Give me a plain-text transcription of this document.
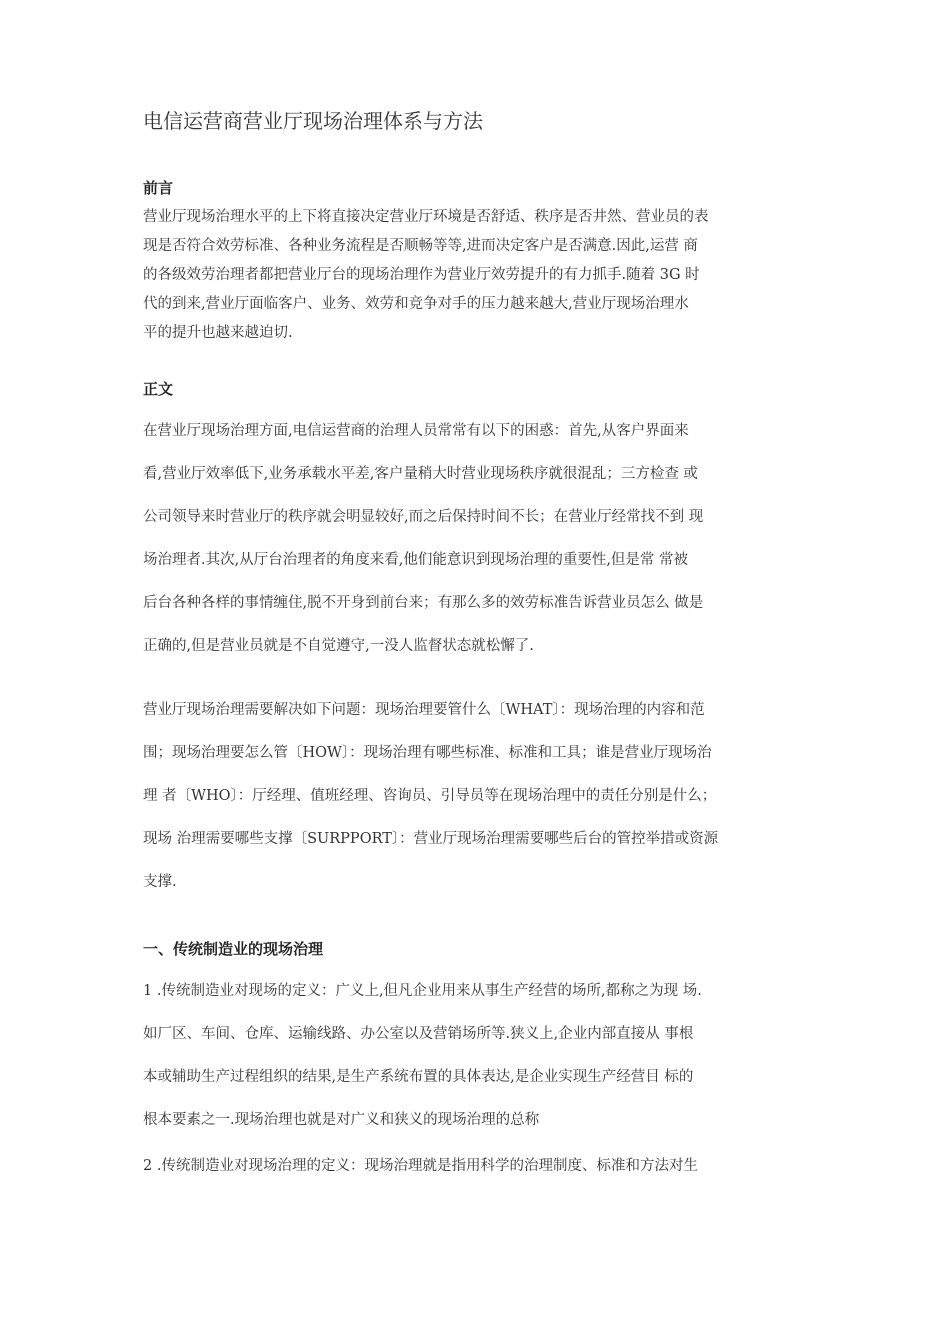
电信运营商营业厅现场治理体系与方法
前言
营业厅现场治理水平的上下将直接决定营业厅环境是否舒适、秩序是否井然、营业员的表
现是否符合效劳标准、各种业务流程是否顺畅等等,进而决定客户是否满意.因此,运营 商
的各级效劳治理者都把营业厅台的现场治理作为营业厅效劳提升的有力抓手.随着 3G 时
代的到来,营业厅面临客户、业务、效劳和竞争对手的压力越来越大,营业厅现场治理水
平的提升也越来越迫切.
正文
在营业厅现场治理方面,电信运营商的治理人员常常有以下的困惑：首先,从客户界面来
看,营业厅效率低下,业务承载水平差,客户量稍大时营业现场秩序就很混乱；三方检查 或
公司领导来时营业厅的秩序就会明显较好,而之后保持时间不长；在营业厅经常找不到 现
场治理者.其次,从厅台治理者的角度来看,他们能意识到现场治理的重要性,但是常 常被
后台各种各样的事情缠住,脱不开身到前台来；有那么多的效劳标准告诉营业员怎么 做是
正确的,但是营业员就是不自觉遵守,一没人监督状态就松懈了.
营业厅现场治理需要解决如下问题：现场治理要管什么〔WHAT〕：现场治理的内容和范
围；现场治理要怎么管〔HOW〕：现场治理有哪些标准、标准和工具；谁是营业厅现场治
理 者〔WHO〕：厅经理、值班经理、咨询员、引导员等在现场治理中的责任分别是什么；
现场 治理需要哪些支撑〔SURPPORT〕：营业厅现场治理需要哪些后台的管控举措或资源
支撑.
一、传统制造业的现场治理
1 .传统制造业对现场的定义：广义上,但凡企业用来从事生产经营的场所,都称之为现 场.
如厂区、车间、仓库、运输线路、办公室以及营销场所等.狭义上,企业内部直接从 事根
本或辅助生产过程组织的结果,是生产系统布置的具体表达,是企业实现生产经营目 标的
根本要素之一.现场治理也就是对广义和狭义的现场治理的总称
2 .传统制造业对现场治理的定义：现场治理就是指用科学的治理制度、标准和方法对生
